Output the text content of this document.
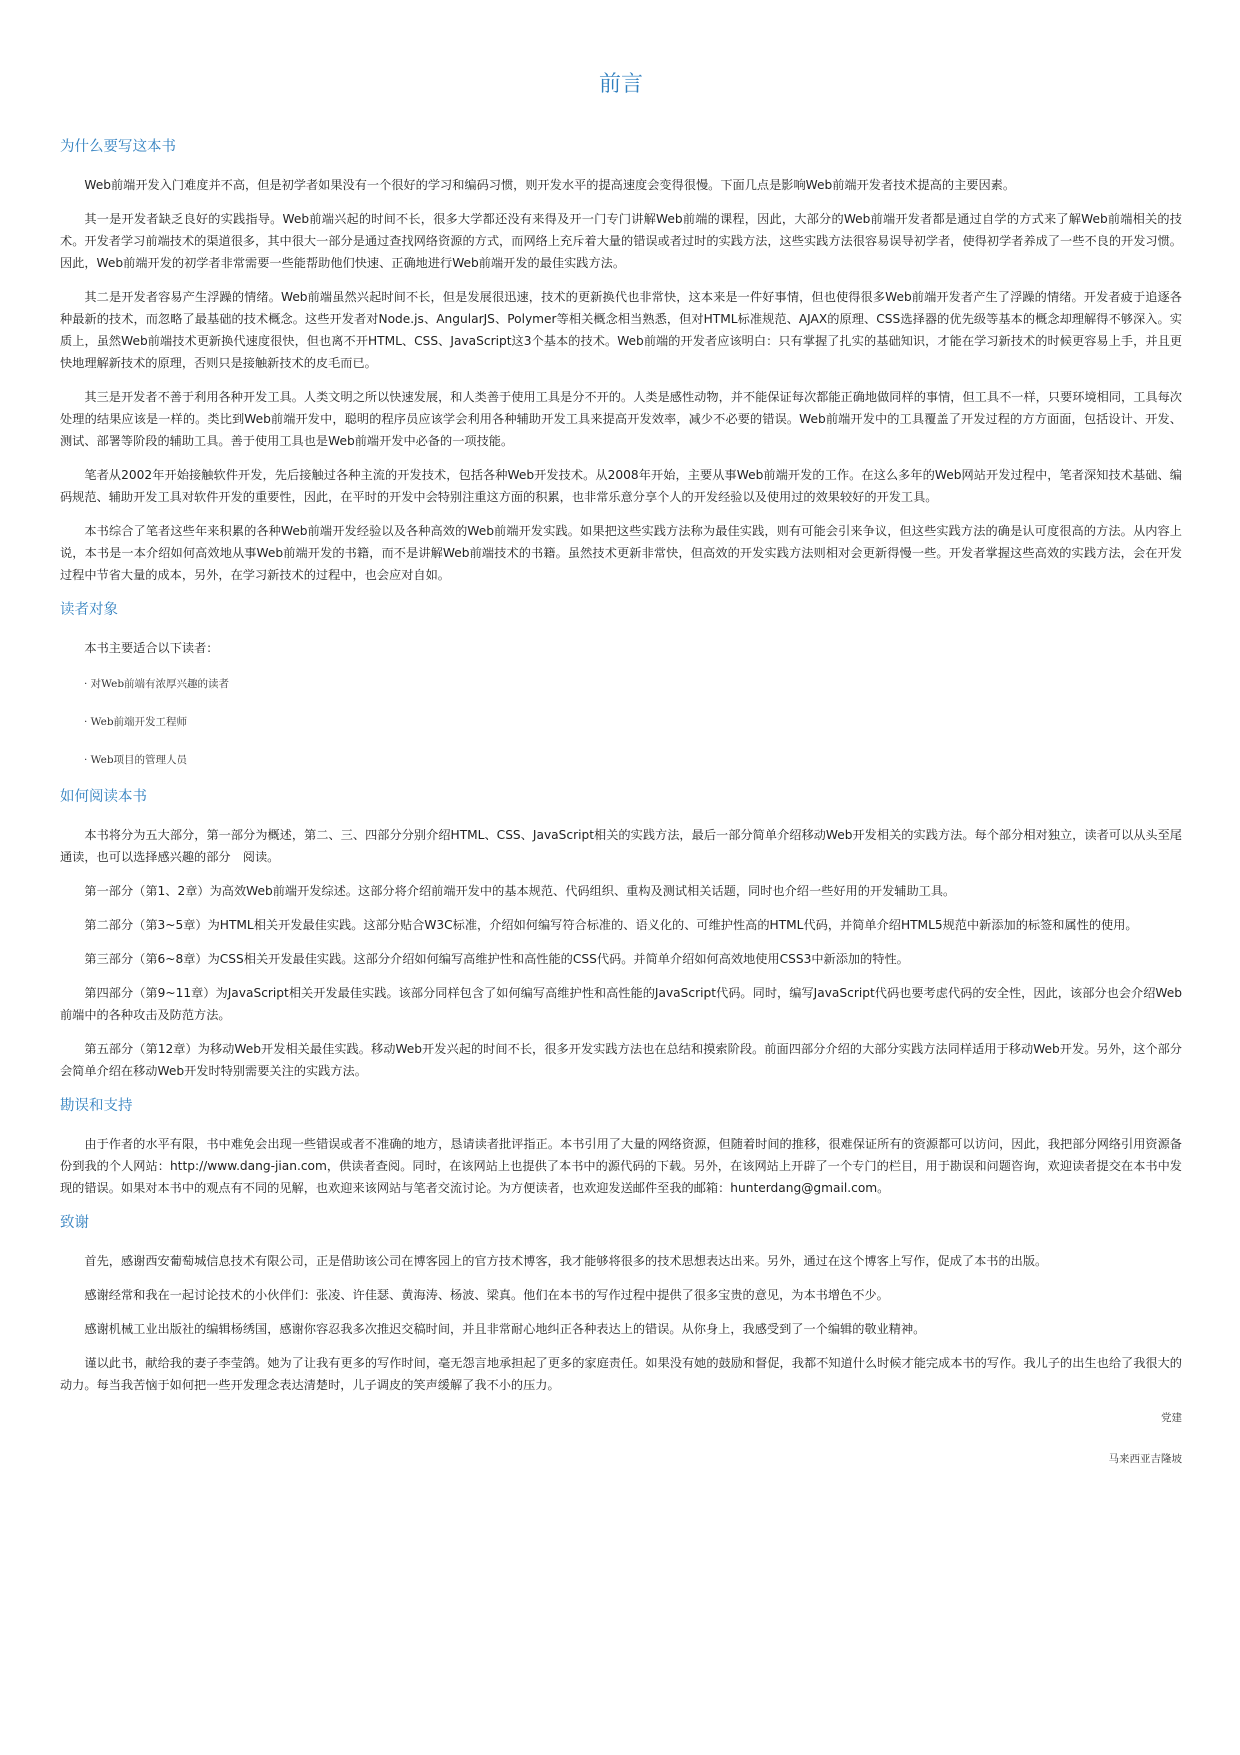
前言
为什么要写这本书

Web前端开发入门难度并不高，但是初学者如果没有一个很好的学习和编码习惯，则开发水平的提高速度会变得很慢。下面几点是影响Web前端开发者技术提高的主要因素。

其一是开发者缺乏良好的实践指导。Web前端兴起的时间不长，很多大学都还没有来得及开一门专门讲解Web前端的课程，因此，大部分的Web前端开发者都是通过自学的方式来了解Web前端相关的技术。开发者学习前端技术的渠道很多，其中很大一部分是通过查找网络资源的方式，而网络上充斥着大量的错误或者过时的实践方法，这些实践方法很容易误导初学者，使得初学者养成了一些不良的开发习惯。因此，Web前端开发的初学者非常需要一些能帮助他们快速、正确地进行Web前端开发的最佳实践方法。

其二是开发者容易产生浮躁的情绪。Web前端虽然兴起时间不长，但是发展很迅速，技术的更新换代也非常快，这本来是一件好事情，但也使得很多Web前端开发者产生了浮躁的情绪。开发者疲于追逐各种最新的技术，而忽略了最基础的技术概念。这些开发者对Node.js、AngularJS、Polymer等相关概念相当熟悉，但对HTML标准规范、AJAX的原理、CSS选择器的优先级等基本的概念却理解得不够深入。实质上，虽然Web前端技术更新换代速度很快，但也离不开HTML、CSS、JavaScript这3个基本的技术。Web前端的开发者应该明白：只有掌握了扎实的基础知识，才能在学习新技术的时候更容易上手，并且更快地理解新技术的原理，否则只是接触新技术的皮毛而已。

其三是开发者不善于利用各种开发工具。人类文明之所以快速发展，和人类善于使用工具是分不开的。人类是感性动物，并不能保证每次都能正确地做同样的事情，但工具不一样，只要环境相同，工具每次处理的结果应该是一样的。类比到Web前端开发中，聪明的程序员应该学会利用各种辅助开发工具来提高开发效率，减少不必要的错误。Web前端开发中的工具覆盖了开发过程的方方面面，包括设计、开发、测试、部署等阶段的辅助工具。善于使用工具也是Web前端开发中必备的一项技能。

笔者从2002年开始接触软件开发，先后接触过各种主流的开发技术，包括各种Web开发技术。从2008年开始，主要从事Web前端开发的工作。在这么多年的Web网站开发过程中，笔者深知技术基础、编码规范、辅助开发工具对软件开发的重要性，因此，在平时的开发中会特别注重这方面的积累，也非常乐意分享个人的开发经验以及使用过的效果较好的开发工具。

本书综合了笔者这些年来积累的各种Web前端开发经验以及各种高效的Web前端开发实践。如果把这些实践方法称为最佳实践，则有可能会引来争议，但这些实践方法的确是认可度很高的方法。从内容上说，本书是一本介绍如何高效地从事Web前端开发的书籍，而不是讲解Web前端技术的书籍。虽然技术更新非常快，但高效的开发实践方法则相对会更新得慢一些。开发者掌握这些高效的实践方法，会在开发过程中节省大量的成本，另外，在学习新技术的过程中，也会应对自如。

读者对象

本书主要适合以下读者：

· 对Web前端有浓厚兴趣的读者
· Web前端开发工程师
· Web项目的管理人员
如何阅读本书

本书将分为五大部分，第一部分为概述，第二、三、四部分分别介绍HTML、CSS、JavaScript相关的实践方法，最后一部分简单介绍移动Web开发相关的实践方法。每个部分相对独立，读者可以从头至尾通读，也可以选择感兴趣的部分　阅读。

第一部分（第1、2章）为高效Web前端开发综述。这部分将介绍前端开发中的基本规范、代码组织、重构及测试相关话题，同时也介绍一些好用的开发辅助工具。

第二部分（第3~5章）为HTML相关开发最佳实践。这部分贴合W3C标准，介绍如何编写符合标准的、语义化的、可维护性高的HTML代码，并简单介绍HTML5规范中新添加的标签和属性的使用。

第三部分（第6~8章）为CSS相关开发最佳实践。这部分介绍如何编写高维护性和高性能的CSS代码。并简单介绍如何高效地使用CSS3中新添加的特性。

第四部分（第9~11章）为JavaScript相关开发最佳实践。该部分同样包含了如何编写高维护性和高性能的JavaScript代码。同时，编写JavaScript代码也要考虑代码的安全性，因此，该部分也会介绍Web前端中的各种攻击及防范方法。

第五部分（第12章）为移动Web开发相关最佳实践。移动Web开发兴起的时间不长，很多开发实践方法也在总结和摸索阶段。前面四部分介绍的大部分实践方法同样适用于移动Web开发。另外，这个部分会简单介绍在移动Web开发时特别需要关注的实践方法。

勘误和支持

由于作者的水平有限，书中难免会出现一些错误或者不准确的地方，恳请读者批评指正。本书引用了大量的网络资源，但随着时间的推移，很难保证所有的资源都可以访问，因此，我把部分网络引用资源备份到我的个人网站：http://www.dang-jian.com，供读者查阅。同时，在该网站上也提供了本书中的源代码的下载。另外，在该网站上开辟了一个专门的栏目，用于勘误和问题咨询，欢迎读者提交在本书中发现的错误。如果对本书中的观点有不同的见解，也欢迎来该网站与笔者交流讨论。为方便读者，也欢迎发送邮件至我的邮箱：hunterdang@gmail.com。

致谢

首先，感谢西安葡萄城信息技术有限公司，正是借助该公司在博客园上的官方技术博客，我才能够将很多的技术思想表达出来。另外，通过在这个博客上写作，促成了本书的出版。

感谢经常和我在一起讨论技术的小伙伴们：张凌、许佳瑟、黄海涛、杨波、梁真。他们在本书的写作过程中提供了很多宝贵的意见，为本书增色不少。

感谢机械工业出版社的编辑杨绣国，感谢你容忍我多次推迟交稿时间，并且非常耐心地纠正各种表达上的错误。从你身上，我感受到了一个编辑的敬业精神。

谨以此书，献给我的妻子李莹鸽。她为了让我有更多的写作时间，毫无怨言地承担起了更多的家庭责任。如果没有她的鼓励和督促，我都不知道什么时候才能完成本书的写作。我儿子的出生也给了我很大的动力。每当我苦恼于如何把一些开发理念表达清楚时，儿子调皮的笑声缓解了我不小的压力。

党建

马来西亚吉隆坡
